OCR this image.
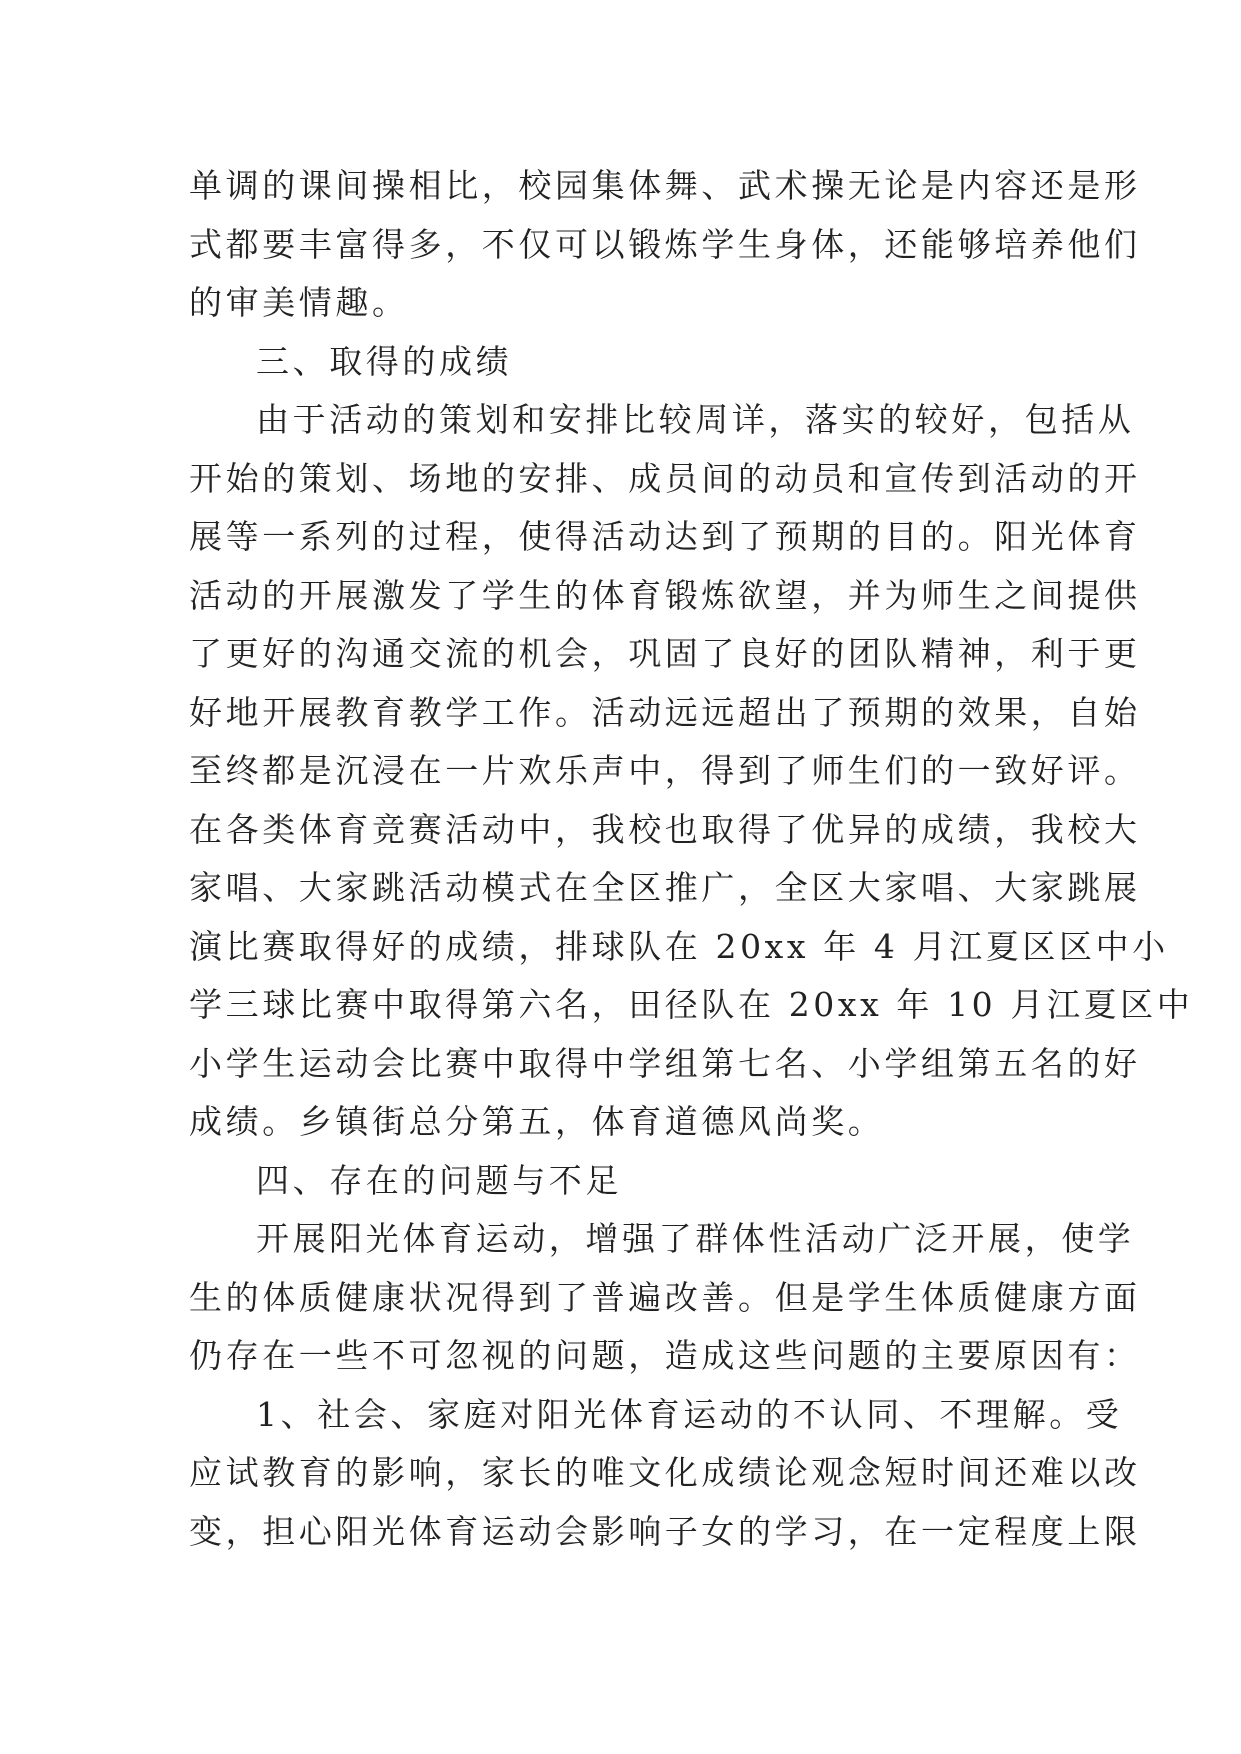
单调的课间操相比，校园集体舞、武术操无论是内容还是形
式都要丰富得多，不仅可以锻炼学生身体，还能够培养他们
的审美情趣。
三、取得的成绩
由于活动的策划和安排比较周详，落实的较好，包括从
开始的策划、场地的安排、成员间的动员和宣传到活动的开
展等一系列的过程，使得活动达到了预期的目的。阳光体育
活动的开展激发了学生的体育锻炼欲望，并为师生之间提供
了更好的沟通交流的机会，巩固了良好的团队精神，利于更
好地开展教育教学工作。活动远远超出了预期的效果，自始
至终都是沉浸在一片欢乐声中，得到了师生们的一致好评。
在各类体育竞赛活动中，我校也取得了优异的成绩，我校大
家唱、大家跳活动模式在全区推广，全区大家唱、大家跳展
演比赛取得好的成绩，排球队在 20xx 年 4 月江夏区区中小
学三球比赛中取得第六名，田径队在 20xx 年 10 月江夏区中
小学生运动会比赛中取得中学组第七名、小学组第五名的好
成绩。乡镇街总分第五，体育道德风尚奖。
四、存在的问题与不足
开展阳光体育运动，增强了群体性活动广泛开展，使学
生的体质健康状况得到了普遍改善。但是学生体质健康方面
仍存在一些不可忽视的问题，造成这些问题的主要原因有：
1、社会、家庭对阳光体育运动的不认同、不理解。受
应试教育的影响，家长的唯文化成绩论观念短时间还难以改
变，担心阳光体育运动会影响子女的学习，在一定程度上限
